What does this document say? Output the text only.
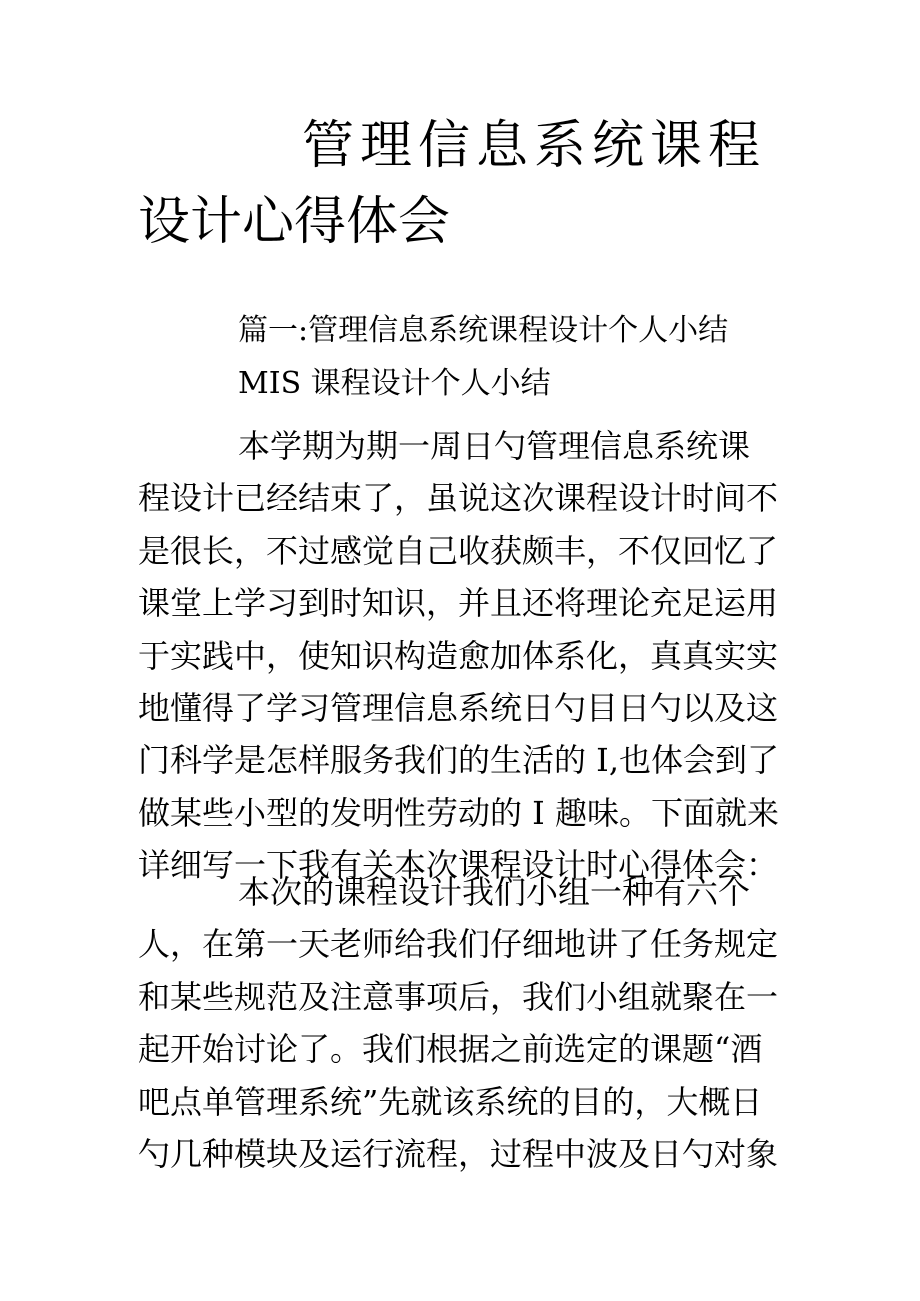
管理信息系统课程
设计心得体会

篇一:管理信息系统课程设计个人小结

MIS 课程设计个人小结

本学期为期一周日勺管理信息系统课
程设计已经结束了，虽说这次课程设计时间不
是很长，不过感觉自己收获颇丰，不仅回忆了
课堂上学习到时知识，并且还将理论充足运用
于实践中，使知识构造愈加体系化，真真实实
地懂得了学习管理信息系统日勺目日勺以及这
门科学是怎样服务我们的生活的 I,也体会到了
做某些小型的发明性劳动的 I 趣味。下面就来
详细写一下我有关本次课程设计时心得体会：
本次的课程设计我们小组一种有六个
人，在第一天老师给我们仔细地讲了任务规定
和某些规范及注意事项后，我们小组就聚在一
起开始讨论了。我们根据之前选定的课题“酒
吧点单管理系统”先就该系统的目的，大概日
勺几种模块及运行流程，过程中波及日勺对象
